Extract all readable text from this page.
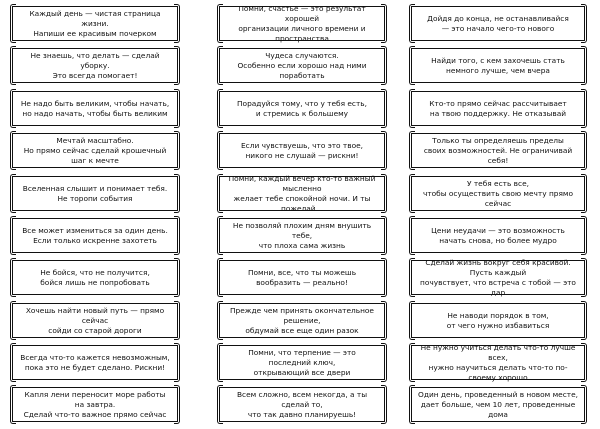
Каждый день — чистая страница жизни.
Напиши ее красивым почерком
Не знаешь, что делать — сделай уборку.
Это всегда помогает!
Не надо быть великим, чтобы начать,
но надо начать, чтобы быть великим
Мечтай масштабно.
Но прямо сейчас сделай крошечный шаг к мечте
Вселенная слышит и понимает тебя.
Не торопи события
Все может измениться за один день.
Если только искренне захотеть
Не бойся, что не получится,
бойся лишь не попробовать
Хочешь найти новый путь — прямо сейчас
сойди со старой дороги
Всегда что-то кажется невозможным,
пока это не будет сделано. Рискни!
Капля лени переносит море работы на завтра.
Сделай что-то важное прямо сейчас
Помни, счастье — это результат хорошей
организации личного времени и пространства
Чудеса случаются.
Особенно если хорошо над ними поработать
Порадуйся тому, что у тебя есть,
и стремись к большему
Если чувствуешь, что это твое,
никого не слушай — рискни!
Помни, каждый вечер кто-то важный мысленно
желает тебе спокойной ночи. И ты пожелай…
Не позволяй плохим дням внушить тебе,
что плоха сама жизнь
Помни, все, что ты можешь вообразить — реально!
Прежде чем принять окончательное решение,
обдумай все еще один разок
Помни, что терпение — это последний ключ,
открывающий все двери
Всем сложно, всем некогда, а ты сделай то,
что так давно планируешь!
Дойдя до конца, не останавливайся
— это начало чего-то нового
Найди того, с кем захочешь стать
немного лучше, чем вчера
Кто-то прямо сейчас рассчитывает
на твою поддержку. Не отказывай
Только ты определяешь пределы
своих возможностей. Не ограничивай себя!
У тебя есть все,
чтобы осуществить свою мечту прямо сейчас
Цени неудачи — это возможность
начать снова, но более мудро
Сделай жизнь вокруг себя красивой. Пусть каждый
почувствует, что встреча с тобой — это дар
Не наводи порядок в том,
от чего нужно избавиться
Не нужно учиться делать что-то лучше всех,
нужно научиться делать что-то по-своему хорошо
Один день, проведенный в новом месте,
дает больше, чем 10 лет, проведенные дома
